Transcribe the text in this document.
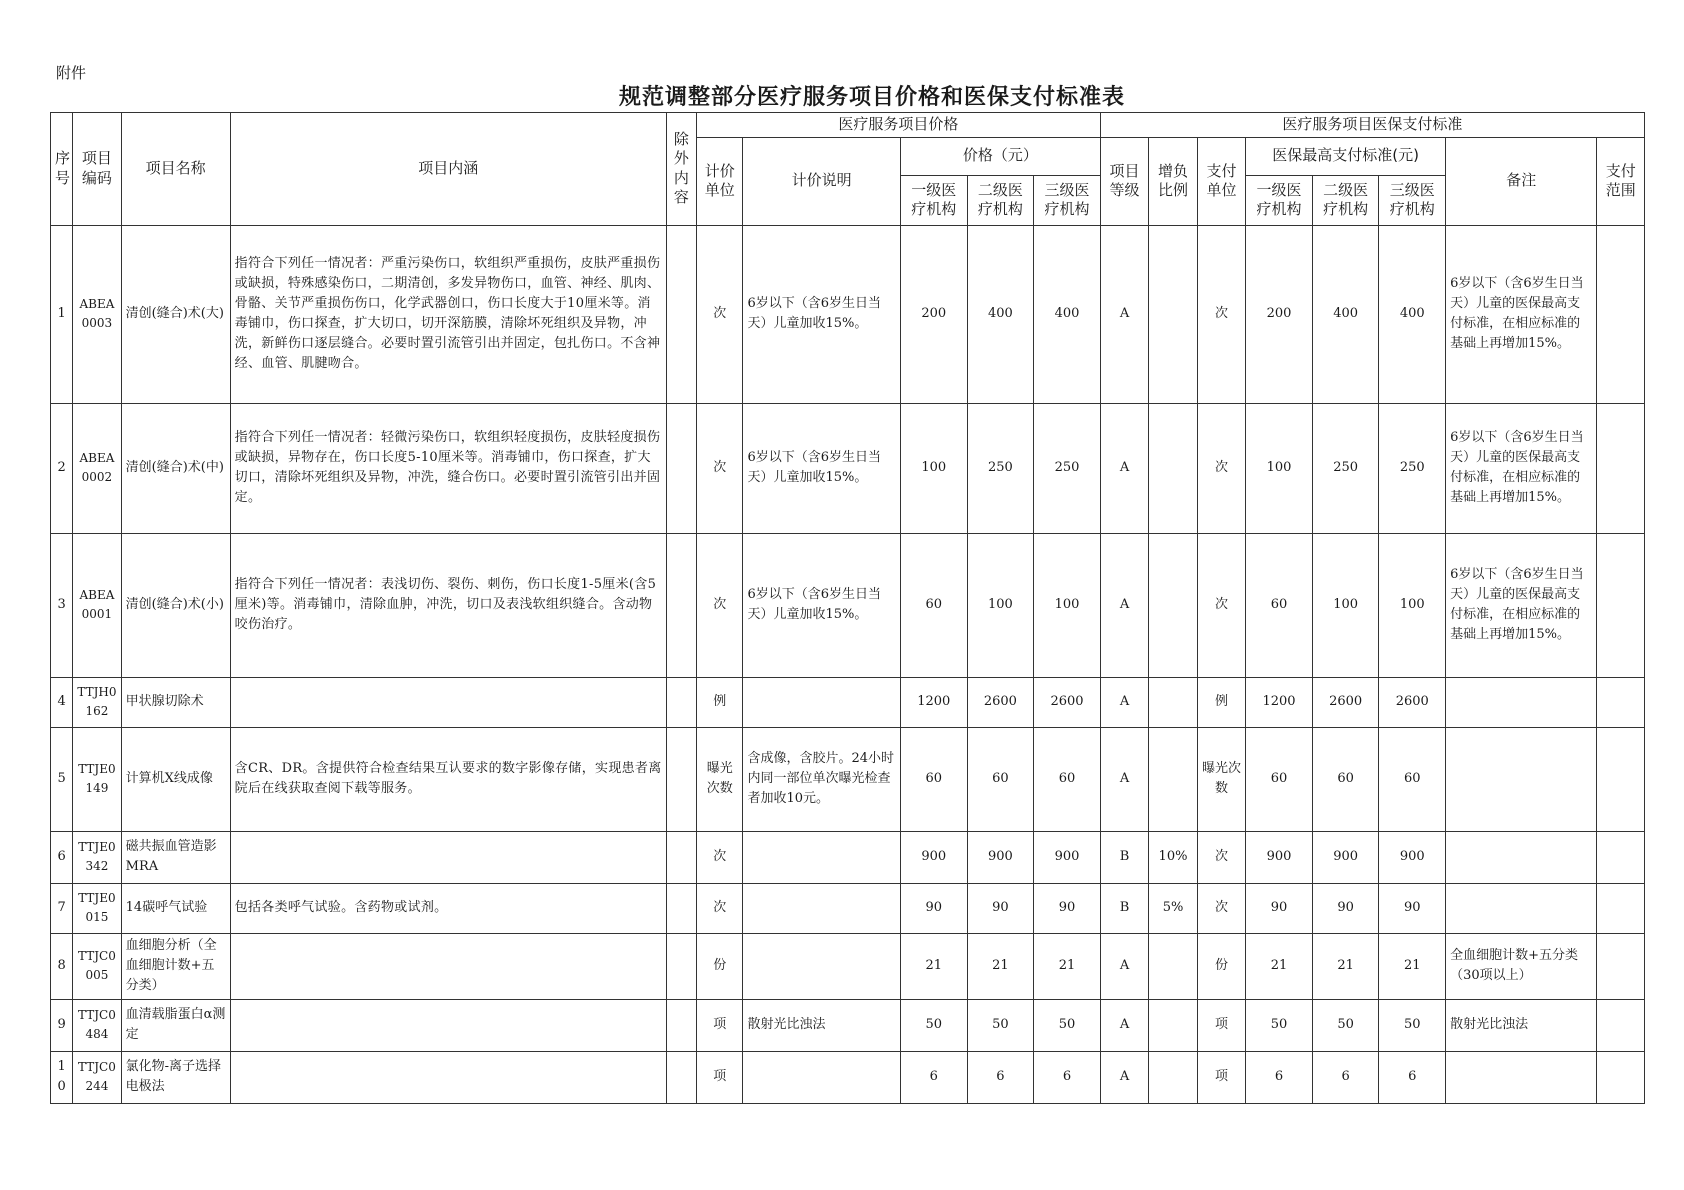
附件
规范调整部分医疗服务项目价格和医保支付标准表
序号	项目编码	项目名称	项目内涵	除外内容	医疗服务项目价格					医疗服务项目医保支付标准							
					计价单位	计价说明	价格（元）			项目等级	增负比例	支付单位	医保最高支付标准(元)			备注	支付范围
							一级医疗机构	二级医疗机构	三级医疗机构				一级医疗机构	二级医疗机构	三级医疗机构		
1	ABEA0003	清创(缝合)术(大)	指符合下列任一情况者：严重污染伤口，软组织严重损伤，皮肤严重损伤或缺损，特殊感染伤口，二期清创，多发异物伤口，血管、神经、肌肉、骨骼、关节严重损伤伤口，化学武器创口，伤口长度大于10厘米等。消毒铺巾，伤口探查，扩大切口，切开深筋膜，清除坏死组织及异物，冲洗，新鲜伤口逐层缝合。必要时置引流管引出并固定，包扎伤口。不含神经、血管、肌腱吻合。		次	6岁以下（含6岁生日当天）儿童加收15%。	200	400	400	A		次	200	400	400	6岁以下（含6岁生日当天）儿童的医保最高支付标准，在相应标准的基础上再增加15%。	
2	ABEA0002	清创(缝合)术(中)	指符合下列任一情况者：轻微污染伤口，软组织轻度损伤，皮肤轻度损伤或缺损，异物存在，伤口长度5-10厘米等。消毒铺巾，伤口探查，扩大切口，清除坏死组织及异物，冲洗，缝合伤口。必要时置引流管引出并固定。		次	6岁以下（含6岁生日当天）儿童加收15%。	100	250	250	A		次	100	250	250	6岁以下（含6岁生日当天）儿童的医保最高支付标准，在相应标准的基础上再增加15%。	
3	ABEA0001	清创(缝合)术(小)	指符合下列任一情况者：表浅切伤、裂伤、刺伤，伤口长度1-5厘米(含5厘米)等。消毒铺巾，清除血肿，冲洗，切口及表浅软组织缝合。含动物咬伤治疗。		次	6岁以下（含6岁生日当天）儿童加收15%。	60	100	100	A		次	60	100	100	6岁以下（含6岁生日当天）儿童的医保最高支付标准，在相应标准的基础上再增加15%。	
4	TTJH0162	甲状腺切除术			例		1200	2600	2600	A		例	1200	2600	2600		
5	TTJE0149	计算机X线成像	含CR、DR。含提供符合检查结果互认要求的数字影像存储，实现患者离院后在线获取查阅下载等服务。		曝光次数	含成像，含胶片。24小时内同一部位单次曝光检查者加收10元。	60	60	60	A		曝光次数	60	60	60		
6	TTJE0342	磁共振血管造影MRA			次		900	900	900	B	10%	次	900	900	900		
7	TTJE0015	14碳呼气试验	包括各类呼气试验。含药物或试剂。		次		90	90	90	B	5%	次	90	90	90		
8	TTJC0005	血细胞分析（全血细胞计数+五分类）			份		21	21	21	A		份	21	21	21	全血细胞计数+五分类（30项以上）	
9	TTJC0484	血清载脂蛋白α测定			项	散射光比浊法	50	50	50	A		项	50	50	50	散射光比浊法	
10	TTJC0244	氯化物-离子选择电极法			项		6	6	6	A		项	6	6	6		
